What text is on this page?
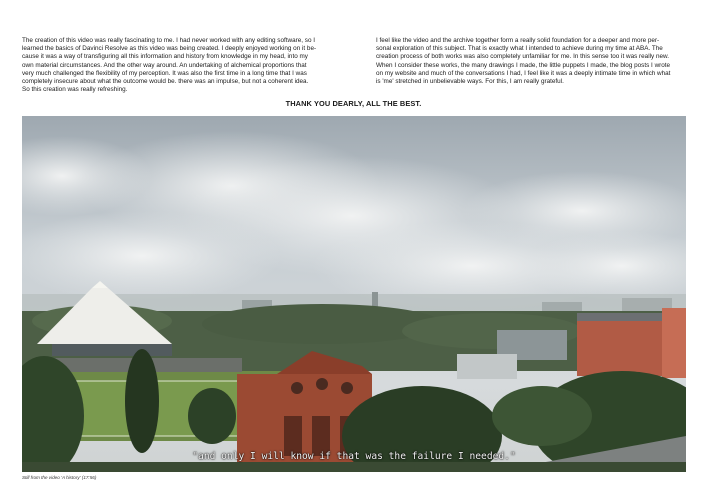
The creation of this video was really fascinating to me. I had never worked with any editing software, so I

learned the basics of Davinci Resolve as this video was being created. I deeply enjoyed working on it be-

cause it was a way of transfiguring all this information and history from knowledge in my head, into my

own material circumstances. And the other way around. An undertaking of alchemical proportions that

very much challenged the flexibility of my perception. It was also the first time in a long time that I was

completely insecure about what the outcome would be. there was an impulse, but not a coherent idea.

So this creation was really refreshing.

I feel like the video and the archive together form a really solid foundation for a deeper and more per-

sonal exploration of this subject. That is exactly what I intended to achieve during my time at ABA. The

creation process of both works was also completely unfamiliar for me. In this sense too it was really new.

When I consider these works, the many drawings I made, the little puppets I made, the blog posts I wrote

on my website and much of the conversations I had, I feel like it was a deeply intimate time in which what

is 'me' stretched in unbelievable ways. For this, I am really grateful.

THANK YOU DEARLY, ALL THE BEST.
"and only I will know if that was the failure I needed."
Still from the video 'A history' (17:56)
